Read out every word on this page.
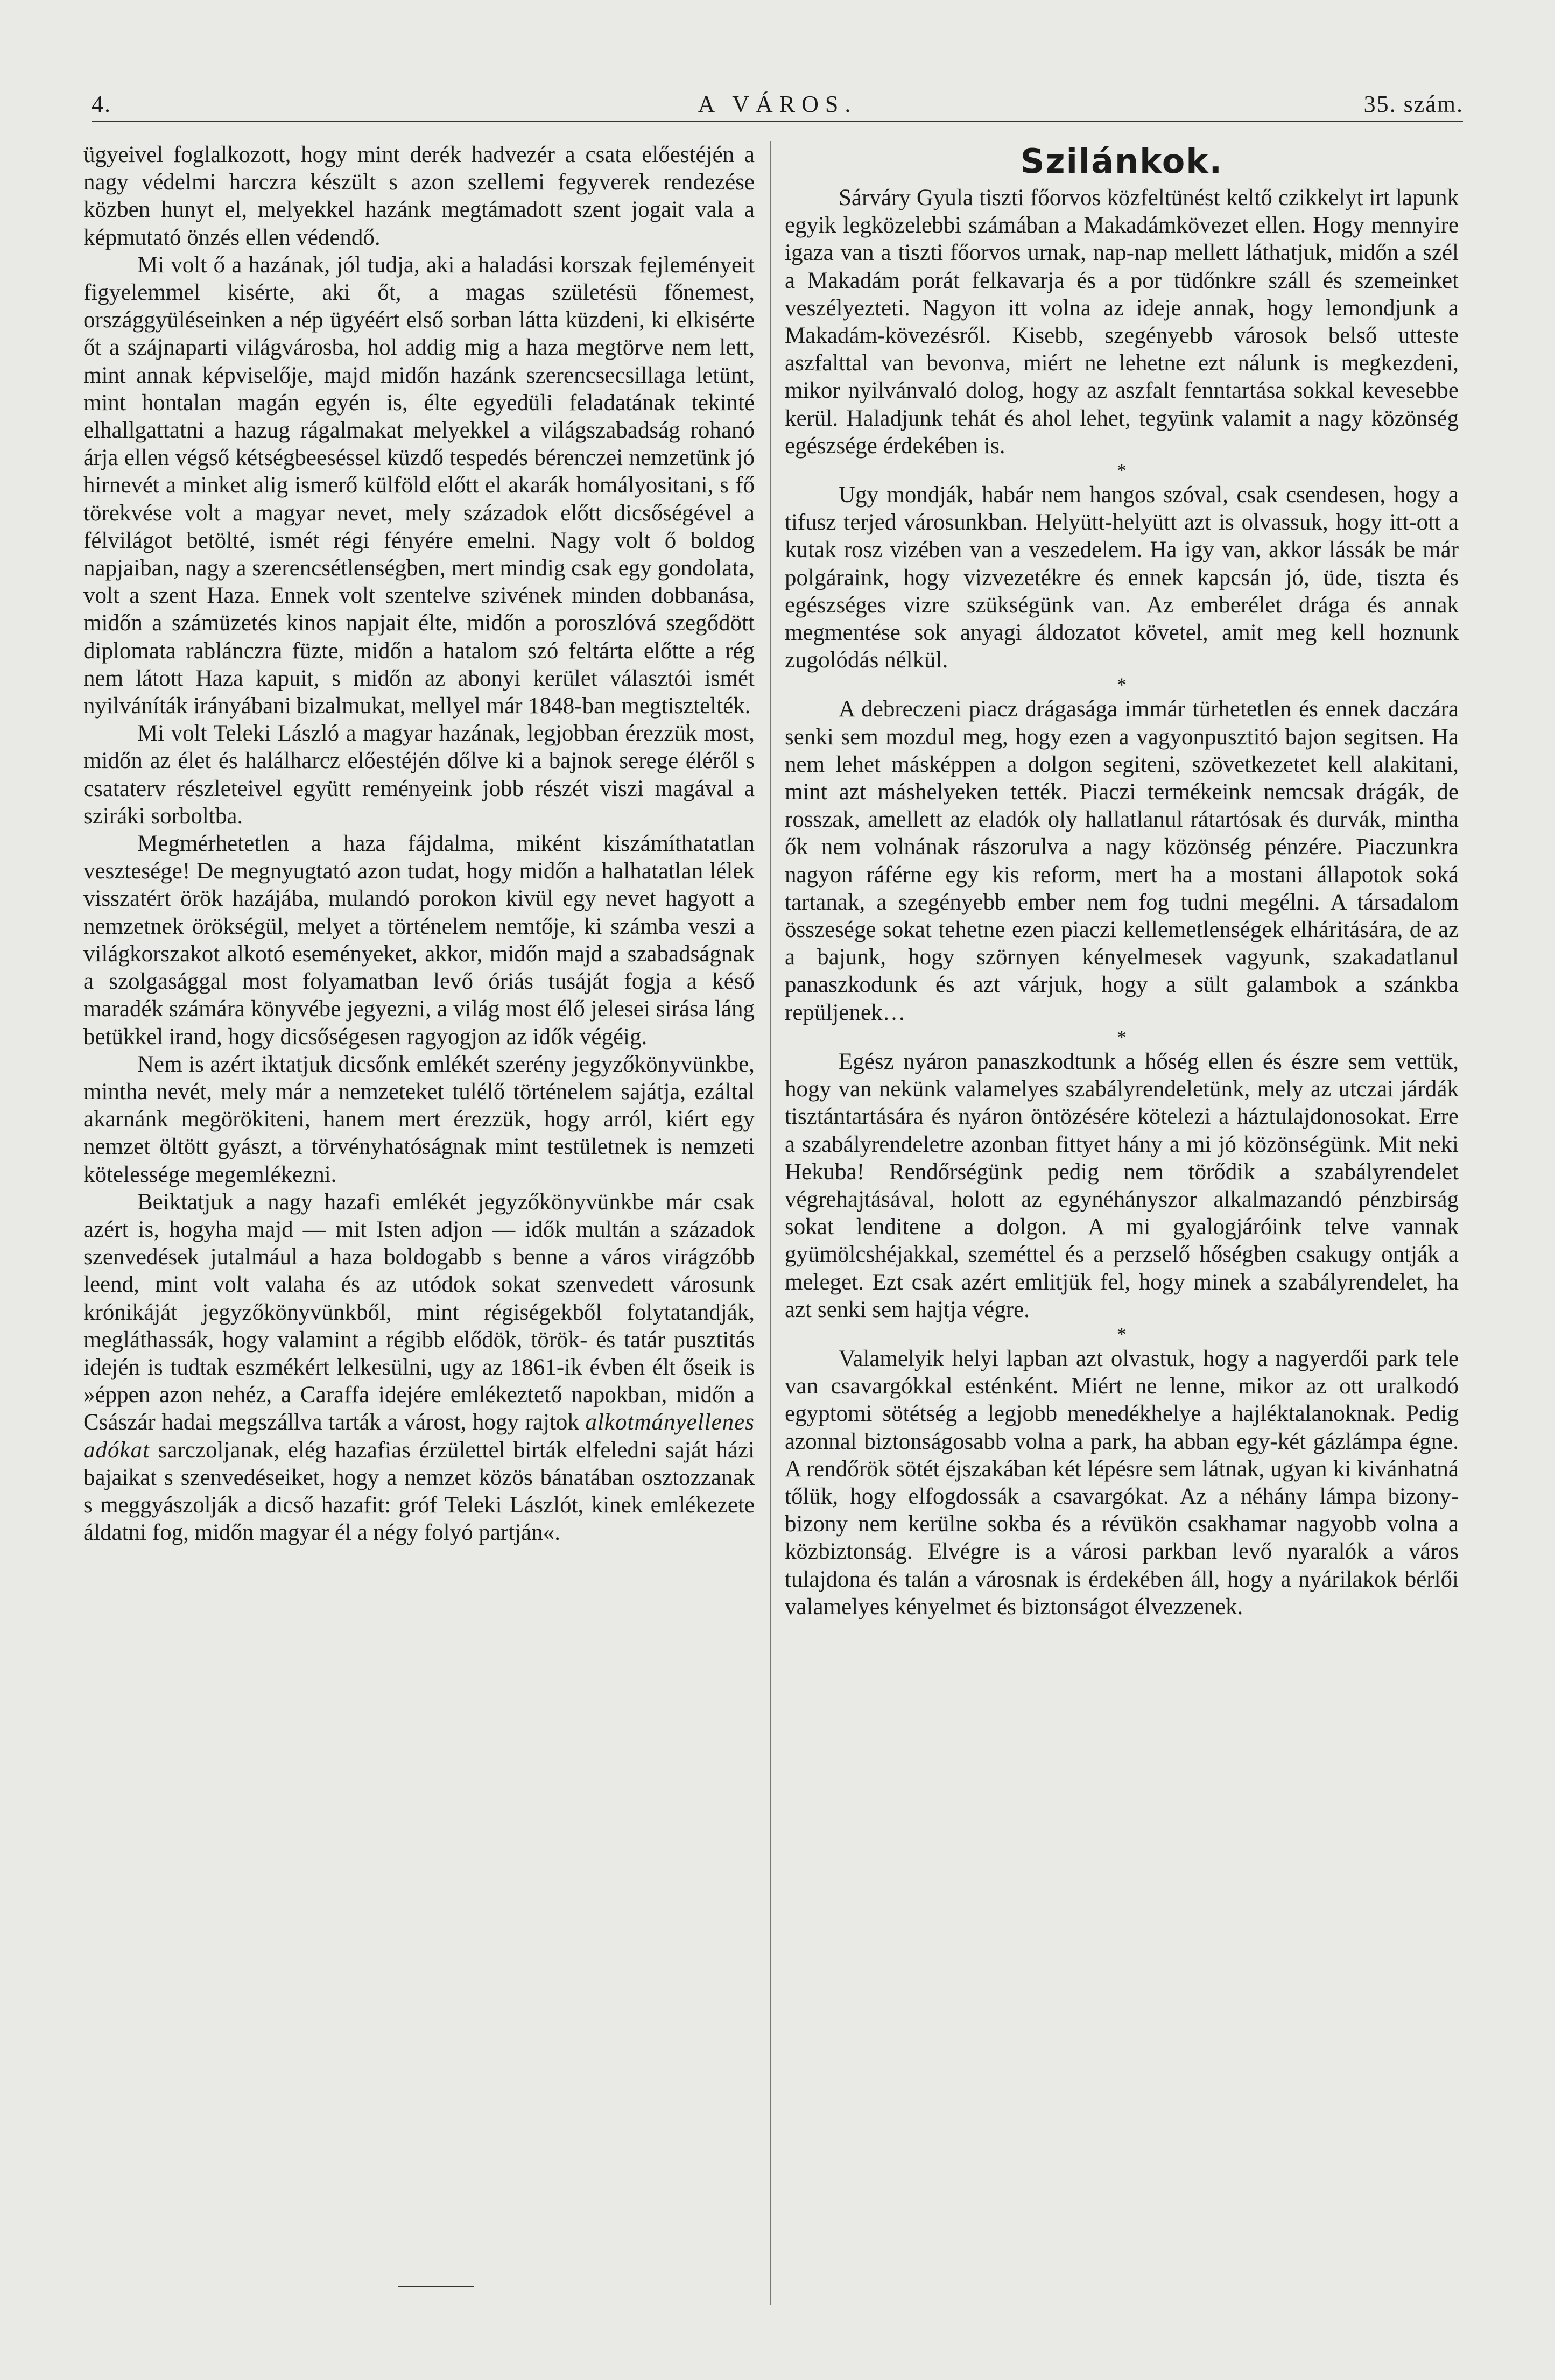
4.	A VÁROS.	35. szám.

ügyeivel foglalkozott, hogy mint derék hadvezér a csata előestéjén a nagy védelmi harczra készült s azon szellemi fegyverek rendezése közben hunyt el, melyekkel hazánk megtámadott szent jogait vala a képmutató önzés ellen védendő.

Mi volt ő a hazának, jól tudja, aki a haladási korszak fejleményeit figyelemmel kisérte, aki őt, a magas születésü főnemest, országgyüléseinken a nép ügyéért első sorban látta küzdeni, ki elkisérte őt a szájnaparti világvárosba, hol addig mig a haza megtörve nem lett, mint annak képviselője, majd midőn hazánk szerencsecsillaga letünt, mint hontalan magán egyén is, élte egyedüli feladatának tekinté elhallgattatni a hazug rágalmakat melyekkel a világszabadság rohanó árja ellen végső kétségbeeséssel küzdő tespedés bérenczei nemzetünk jó hirnevét a minket alig ismerő külföld előtt el akarák homályositani, s fő törekvése volt a magyar nevet, mely századok előtt dicsőségével a félvilágot betölté, ismét régi fényére emelni. Nagy volt ő boldog napjaiban, nagy a szerencsétlenségben, mert mindig csak egy gondolata, volt a szent Haza. Ennek volt szentelve szivének minden dobbanása, midőn a számüzetés kinos napjait élte, midőn a poroszlóvá szegődött diplomata rablánczra füzte, midőn a hatalom szó feltárta előtte a rég nem látott Haza kapuit, s midőn az abonyi kerület választói ismét nyilváníták irányábani bizalmukat, mellyel már 1848-ban megtisztelték.

Mi volt Teleki László a magyar hazának, legjobban érezzük most, midőn az élet és halálharcz előestéjén dőlve ki a bajnok serege éléről s csataterv részleteivel együtt reményeink jobb részét viszi magával a sziráki sorboltba.

Megmérhetetlen a haza fájdalma, miként kiszámíthatatlan vesztesége! De megnyugtató azon tudat, hogy midőn a halhatatlan lélek visszatért örök hazájába, mulandó porokon kivül egy nevet hagyott a nemzetnek örökségül, melyet a történelem nemtője, ki számba veszi a világkorszakot alkotó eseményeket, akkor, midőn majd a szabadságnak a szolgasággal most folyamatban levő óriás tusáját fogja a késő maradék számára könyvébe jegyezni, a világ most élő jelesei sirása láng betükkel irand, hogy dicsőségesen ragyogjon az idők végéig.

Nem is azért iktatjuk dicsőnk emlékét szerény jegyzőkönyvünkbe, mintha nevét, mely már a nemzeteket tulélő történelem sajátja, ezáltal akarnánk megörökiteni, hanem mert érezzük, hogy arról, kiért egy nemzet öltött gyászt, a törvényhatóságnak mint testületnek is nemzeti kötelessége megemlékezni.

Beiktatjuk a nagy hazafi emlékét jegyzőkönyvünkbe már csak azért is, hogyha majd — mit Isten adjon — idők multán a századok szenvedések jutalmául a haza boldogabb s benne a város virágzóbb leend, mint volt valaha és az utódok sokat szenvedett városunk krónikáját jegyzőkönyvünkből, mint régiségekből folytatandják, megláthassák, hogy valamint a régibb elődök, török- és tatár pusztitás idején is tudtak eszmékért lelkesülni, ugy az 1861-ik évben élt őseik is »éppen azon nehéz, a Caraffa idejére emlékeztető napokban, midőn a Császár hadai megszállva tarták a várost, hogy rajtok alkotmányellenes adókat sarczoljanak, elég hazafias érzülettel birták elfeledni saját házi bajaikat s szenvedéseiket, hogy a nemzet közös bánatában osztozzanak s meggyászolják a dicső hazafit: gróf Teleki Lászlót, kinek emlékezete áldatni fog, midőn magyar él a négy folyó partján«.

Szilánkok.

Sárváry Gyula tiszti főorvos közfeltünést keltő czikkelyt irt lapunk egyik legközelebbi számában a Makadámkövezet ellen. Hogy mennyire igaza van a tiszti főorvos urnak, nap-nap mellett láthatjuk, midőn a szél a Makadám porát felkavarja és a por tüdőnkre száll és szemeinket veszélyezteti. Nagyon itt volna az ideje annak, hogy lemondjunk a Makadám-kövezésről. Kisebb, szegényebb városok belső utteste aszfalttal van bevonva, miért ne lehetne ezt nálunk is megkezdeni, mikor nyilvánvaló dolog, hogy az aszfalt fenntartása sokkal kevesebbe kerül. Haladjunk tehát és ahol lehet, tegyünk valamit a nagy közönség egészsége érdekében is.

*

Ugy mondják, habár nem hangos szóval, csak csendesen, hogy a tifusz terjed városunkban. Helyütt-helyütt azt is olvassuk, hogy itt-ott a kutak rosz vizében van a veszedelem. Ha igy van, akkor lássák be már polgáraink, hogy vizvezetékre és ennek kapcsán jó, üde, tiszta és egészséges vizre szükségünk van. Az emberélet drága és annak megmentése sok anyagi áldozatot követel, amit meg kell hoznunk zugolódás nélkül.

*

A debreczeni piacz drágasága immár türhetetlen és ennek daczára senki sem mozdul meg, hogy ezen a vagyonpusztitó bajon segitsen. Ha nem lehet másképpen a dolgon segiteni, szövetkezetet kell alakitani, mint azt máshelyeken tették. Piaczi termékeink nemcsak drágák, de rosszak, amellett az eladók oly hallatlanul rátartósak és durvák, mintha ők nem volnának rászorulva a nagy közönség pénzére. Piaczunkra nagyon ráférne egy kis reform, mert ha a mostani állapotok soká tartanak, a szegényebb ember nem fog tudni megélni. A társadalom összesége sokat tehetne ezen piaczi kellemetlenségek elháritására, de az a bajunk, hogy szörnyen kényelmesek vagyunk, szakadatlanul panaszkodunk és azt várjuk, hogy a sült galambok a szánkba repüljenek…

*

Egész nyáron panaszkodtunk a hőség ellen és észre sem vettük, hogy van nekünk valamelyes szabályrendeletünk, mely az utczai járdák tisztántartására és nyáron öntözésére kötelezi a háztulajdonosokat. Erre a szabályrendeletre azonban fittyet hány a mi jó közönségünk. Mit neki Hekuba! Rendőrségünk pedig nem törődik a szabályrendelet végrehajtásával, holott az egynéhányszor alkalmazandó pénzbirság sokat lenditene a dolgon. A mi gyalogjáróink telve vannak gyümölcshéjakkal, szeméttel és a perzselő hőségben csakugy ontják a meleget. Ezt csak azért emlitjük fel, hogy minek a szabályrendelet, ha azt senki sem hajtja végre.

*

Valamelyik helyi lapban azt olvastuk, hogy a nagyerdői park tele van csavargókkal esténként. Miért ne lenne, mikor az ott uralkodó egyptomi sötétség a legjobb menedékhelye a hajléktalanoknak. Pedig azonnal biztonságosabb volna a park, ha abban egy-két gázlámpa égne. A rendőrök sötét éjszakában két lépésre sem látnak, ugyan ki kivánhatná tőlük, hogy elfogdossák a csavargókat. Az a néhány lámpa bizony-bizony nem kerülne sokba és a révükön csakhamar nagyobb volna a közbiztonság. Elvégre is a városi parkban levő nyaralók a város tulajdona és talán a városnak is érdekében áll, hogy a nyárilakok bérlői valamelyes kényelmet és biztonságot élvezzenek.
